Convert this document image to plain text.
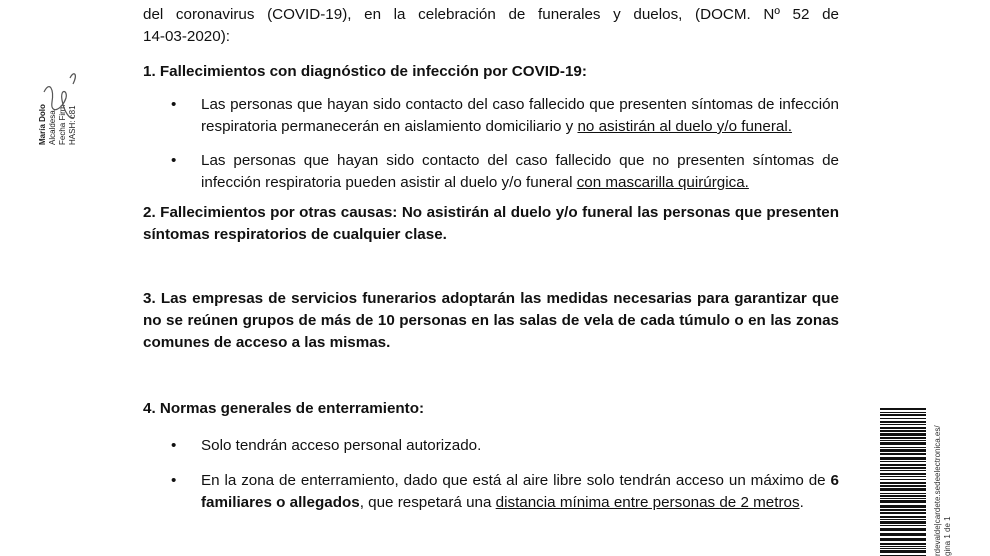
María Dolo Alcaldesa Fecha Firm HASH: c81

del coronavirus (COVID-19), en la celebración de funerales y duelos, (DOCM. Nº 52 de

14-03-2020):

1. Fallecimientos con diagnóstico de infección por COVID-19:

• Las personas que hayan sido contacto del caso fallecido que presenten síntomas de infección respiratoria permanecerán en aislamiento domiciliario y no asistirán al duelo y/o funeral.
• Las personas que hayan sido contacto del caso fallecido que no presenten síntomas de infección respiratoria pueden asistir al duelo y/o funeral con mascarilla quirúrgica.

2. Fallecimientos por otras causas: No asistirán al duelo y/o funeral las personas que presenten síntomas respiratorios de cualquier clase.

3. Las empresas de servicios funerarios adoptarán las medidas necesarias para garantizar que no se reúnen grupos de más de 10 personas en las salas de vela de cada túmulo o en las zonas comunes de acceso a las mismas.

4. Normas generales de enterramiento:

• Solo tendrán acceso personal autorizado.
• En la zona de enterramiento, dado que está al aire libre solo tendrán acceso un máximo de 6 familiares o allegados, que respetará una distancia mínima entre personas de 2 metros.	rdevalde|cardete.sedeelectronica.es/ gina 1 de 1
